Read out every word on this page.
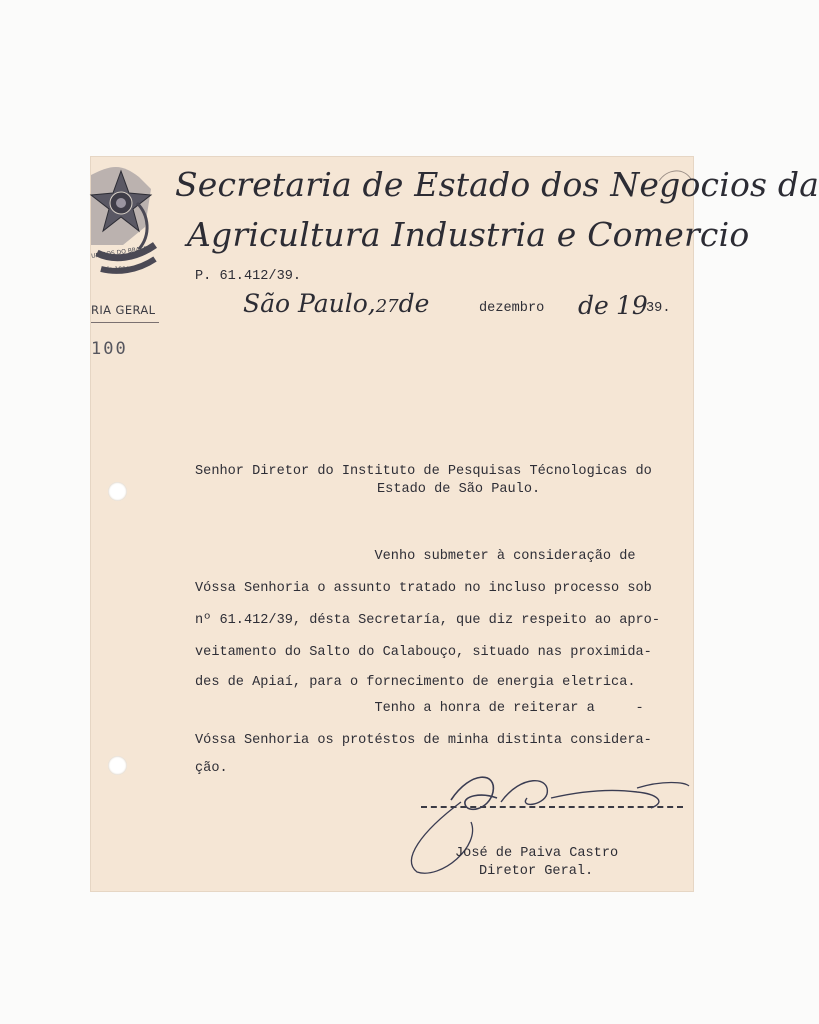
UNIDOS DO BRASIL
de 1889
RIA GERAL
100
Secretaria de Estado dos Negocios da
Agricultura Industria e Comercio
P. 61.412/39.
São Paulo,27de	dezembro de 19
39.
Senhor Diretor do Instituto de Pesquisas Técnologicas do
Estado de São Paulo.
Venho submeter à consideração de
Vóssa Senhoria o assunto tratado no incluso processo sob
nº 61.412/39, désta Secretaría, que diz respeito ao apro-
veitamento do Salto do Calabouço, situado nas proximida-
des de Apiaí, para o fornecimento de energia eletrica.
Tenho a honra de reiterar a     -
Vóssa Senhoria os protéstos de minha distinta considera-
ção.
José de Paiva Castro
Diretor Geral.
